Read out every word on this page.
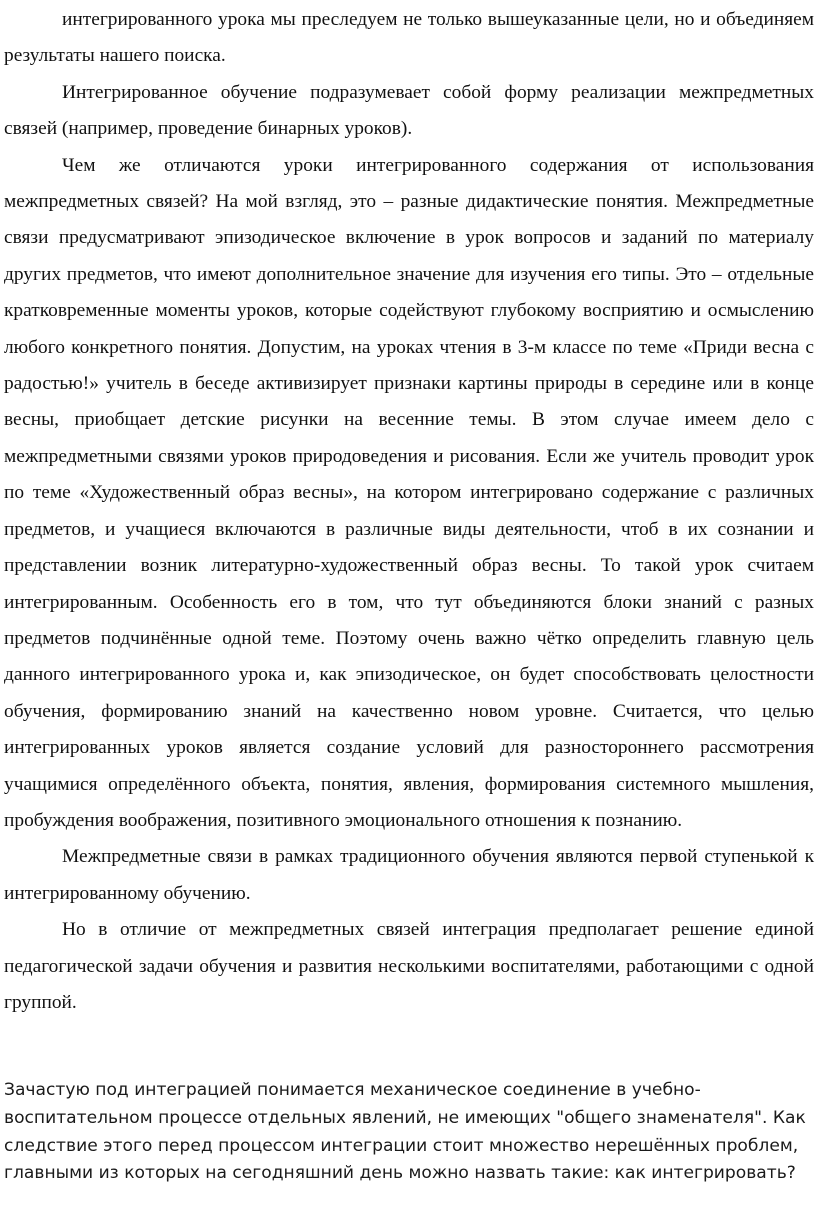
интегрированного урока мы преследуем не только вышеуказанные цели, но и объединяем результаты нашего поиска.

Интегрированное обучение подразумевает собой форму реализации межпредметных связей (например, проведение бинарных уроков).

Чем же отличаются уроки интегрированного содержания от использования межпредметных связей? На мой взгляд, это – разные дидактические понятия. Межпредметные связи предусматривают эпизодическое включение в урок вопросов и заданий по материалу других предметов, что имеют дополнительное значение для изучения его типы. Это – отдельные кратковременные моменты уроков, которые содействуют глубокому восприятию и осмыслению любого конкретного понятия. Допустим, на уроках чтения в 3-м классе по теме «Приди весна с радостью!» учитель в беседе активизирует признаки картины природы в середине или в конце весны, приобщает детские рисунки на весенние темы. В этом случае имеем дело с межпредметными связями уроков природоведения и рисования. Если же учитель проводит урок по теме «Художественный образ весны», на котором интегрировано содержание с различных предметов, и учащиеся включаются в различные виды деятельности, чтоб в их сознании и представлении возник литературно-художественный образ весны. То такой урок считаем интегрированным. Особенность его в том, что тут объединяются блоки знаний с разных предметов подчинённые одной теме. Поэтому очень важно чётко определить главную цель данного интегрированного урока и, как эпизодическое, он будет способствовать целостности обучения, формированию знаний на качественно новом уровне. Считается, что целью интегрированных уроков является создание условий для разностороннего рассмотрения учащимися определённого объекта, понятия, явления, формирования системного мышления, пробуждения воображения, позитивного эмоционального отношения к познанию.

Межпредметные связи в рамках традиционного обучения являются первой ступенькой к интегрированному обучению.

Но в отличие от межпредметных связей интеграция предполагает решение единой педагогической задачи обучения и развития несколькими воспитателями, работающими с одной группой.

Зачастую под интеграцией понимается механическое соединение в учебно-

воспитательном процессе отдельных явлений, не имеющих "общего знаменателя". Как

следствие этого перед процессом интеграции стоит множество нерешённых проблем,

главными из которых на сегодняшний день можно назвать такие: как интегрировать?
